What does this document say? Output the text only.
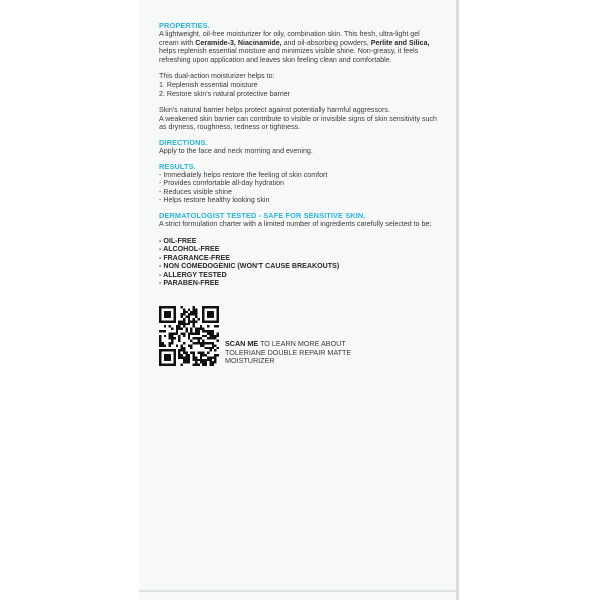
PROPERTIES.

A lightweight, oil-free moisturizer for oily, combination skin. This fresh, ultra-light gel cream with Ceramide-3, Niacinamide, and oil-absorbing powders, Perlite and Silica, helps replenish essential moisture and minimizes visible shine. Non-greasy, it feels refreshing upon application and leaves skin feeling clean and comfortable.

This dual-action moisturizer helps to:

1. Replenish essential moisture

2. Restore skin's natural protective barrier

Skin's natural barrier helps protect against potentially harmful aggressors.

A weakened skin barrier can contribute to visible or invisible signs of skin sensitivity such as dryness, roughness, redness or tightness.

DIRECTIONS.

Apply to the face and neck morning and evening.

RESULTS.

- Immediately helps restore the feeling of skin comfort

- Provides comfortable all-day hydration

- Reduces visible shine

- Helps restore healthy looking skin

DERMATOLOGIST TESTED - SAFE FOR SENSITIVE SKIN.

A strict formulation charter with a limited number of ingredients carefully selected to be:

- OIL-FREE
- ALCOHOL-FREE
- FRAGRANCE-FREE
- NON COMEDOGENIC (WON'T CAUSE BREAKOUTS)
- ALLERGY TESTED
- PARABEN-FREE
SCAN ME TO LEARN MORE ABOUT TOLERIANE DOUBLE REPAIR MATTE MOISTURIZER
